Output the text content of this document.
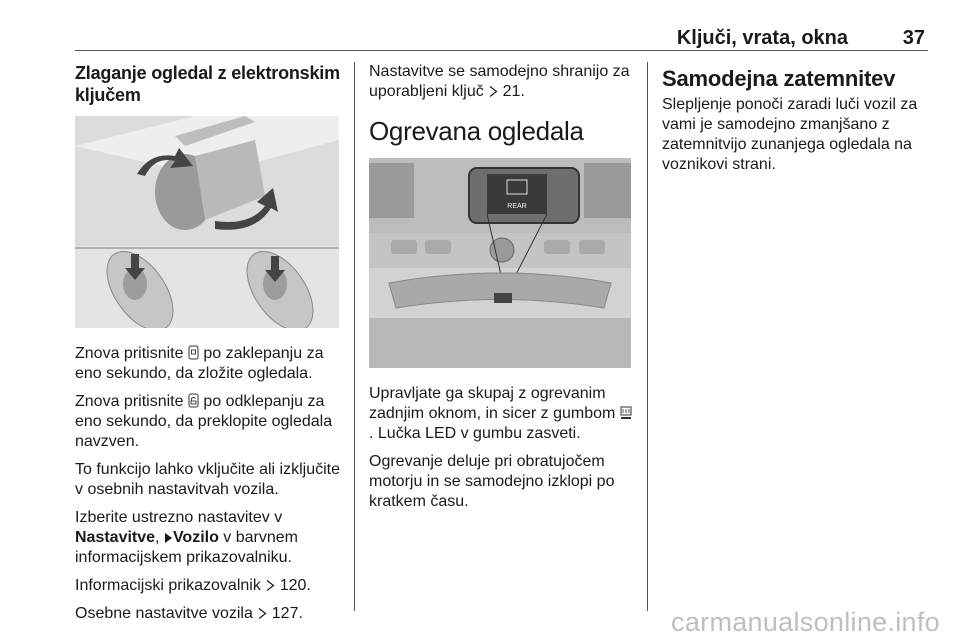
Ključi, vrata, okna	37
Zlaganje ogledal z elektronskim ključem

Znova pritisnite  po zaklepanju za eno sekundo, da zložite ogledala.

Znova pritisnite  po odklepanju za eno sekundo, da preklopite ogledala navzven.

To funkcijo lahko vključite ali izključite v osebnih nastavitvah vozila.

Izberite ustrezno nastavitev v Nastavitve, Vozilo v barvnem informacijskem prikazovalniku.

Informacijski prikazovalnik  120.

Osebne nastavitve vozila  127.

Nastavitve se samodejno shranijo za uporabljeni ključ  21.

Ogrevana ogledala
REAR

Upravljate ga skupaj z ogrevanim zadnjim oknom, in sicer z gumbom . Lučka LED v gumbu zasveti.

Ogrevanje deluje pri obratujočem motorju in se samodejno izklopi po kratkem času.

Samodejna zatemnitev

Slepljenje ponoči zaradi luči vozil za vami je samodejno zmanjšano z zatemnitvijo zunanjega ogledala na voznikovi strani.

carmanualsonline.info
